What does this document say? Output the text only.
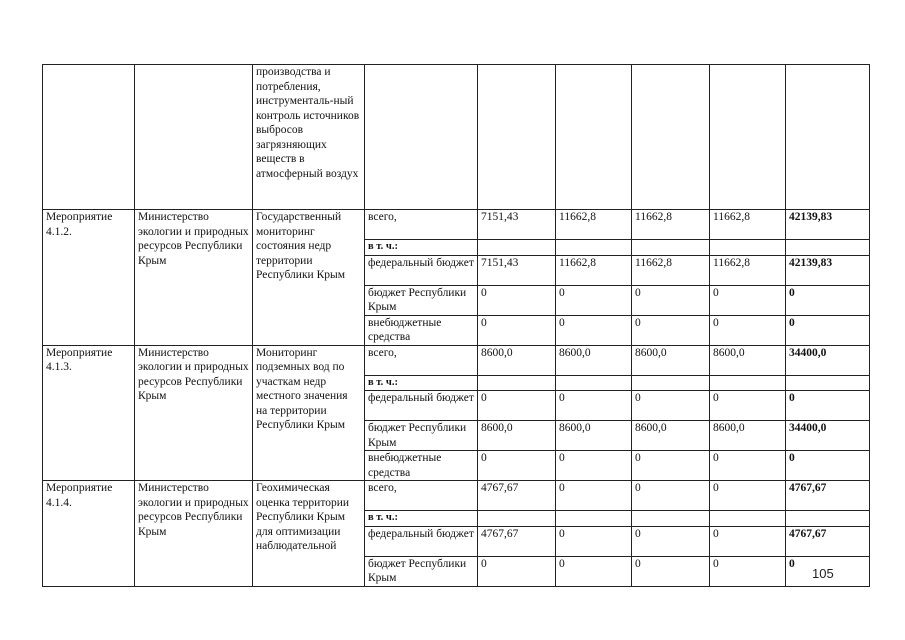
		производства и потребления, инструменталь-ный контроль источников выбросов загрязняющих веществ в атмосферный воздух						
Мероприятие 4.1.2.	Министерство экологии и природных ресурсов Республики Крым	Государственный мониторинг состояния недр территории Республики Крым	всего,	7151,43	11662,8	11662,8	11662,8	42139,83
			в т. ч.:					
			федеральный бюджет	7151,43	11662,8	11662,8	11662,8	42139,83
			бюджет Республики Крым	0	0	0	0	0
			внебюджетные средства	0	0	0	0	0
Мероприятие 4.1.3.	Министерство экологии и природных ресурсов Республики Крым	Мониторинг подземных вод по участкам недр местного значения на территории Республики Крым	всего,	8600,0	8600,0	8600,0	8600,0	34400,0
			в т. ч.:					
			федеральный бюджет	0	0	0	0	0
			бюджет Республики Крым	8600,0	8600,0	8600,0	8600,0	34400,0
			внебюджетные средства	0	0	0	0	0
Мероприятие 4.1.4.	Министерство экологии и природных ресурсов Республики Крым	Геохимическая оценка территории Республики Крым для оптимизации наблюдательной	всего,	4767,67	0	0	0	4767,67
			в т. ч.:					
			федеральный бюджет	4767,67	0	0	0	4767,67
			бюджет Республики Крым	0	0	0	0	0
105
